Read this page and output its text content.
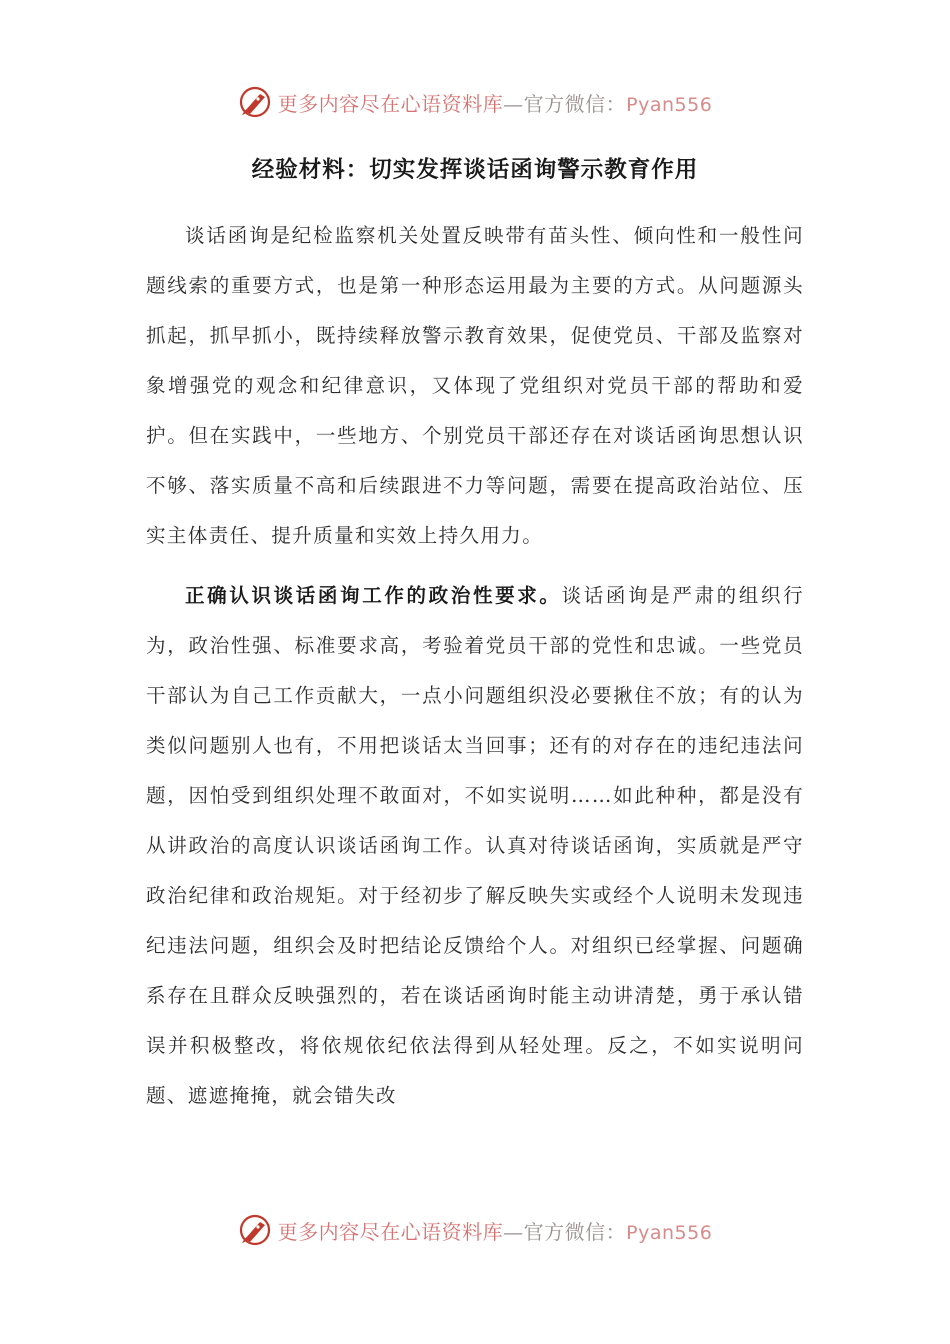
更多内容尽在心语资料库—官方微信：Pyan556
经验材料：切实发挥谈话函询警示教育作用

谈话函询是纪检监察机关处置反映带有苗头性、倾向性和一般性问题线索的重要方式，也是第一种形态运用最为主要的方式。从问题源头抓起，抓早抓小，既持续释放警示教育效果，促使党员、干部及监察对象增强党的观念和纪律意识，又体现了党组织对党员干部的帮助和爱护。但在实践中，一些地方、个别党员干部还存在对谈话函询思想认识不够、落实质量不高和后续跟进不力等问题，需要在提高政治站位、压实主体责任、提升质量和实效上持久用力。

正确认识谈话函询工作的政治性要求。谈话函询是严肃的组织行为，政治性强、标准要求高，考验着党员干部的党性和忠诚。一些党员干部认为自己工作贡献大，一点小问题组织没必要揪住不放；有的认为类似问题别人也有，不用把谈话太当回事；还有的对存在的违纪违法问题，因怕受到组织处理不敢面对，不如实说明……如此种种，都是没有从讲政治的高度认识谈话函询工作。认真对待谈话函询，实质就是严守政治纪律和政治规矩。对于经初步了解反映失实或经个人说明未发现违纪违法问题，组织会及时把结论反馈给个人。对组织已经掌握、问题确系存在且群众反映强烈的，若在谈话函询时能主动讲清楚，勇于承认错误并积极整改，将依规依纪依法得到从轻处理。反之，不如实说明问题、遮遮掩掩，就会错失改

更多内容尽在心语资料库—官方微信：Pyan556
